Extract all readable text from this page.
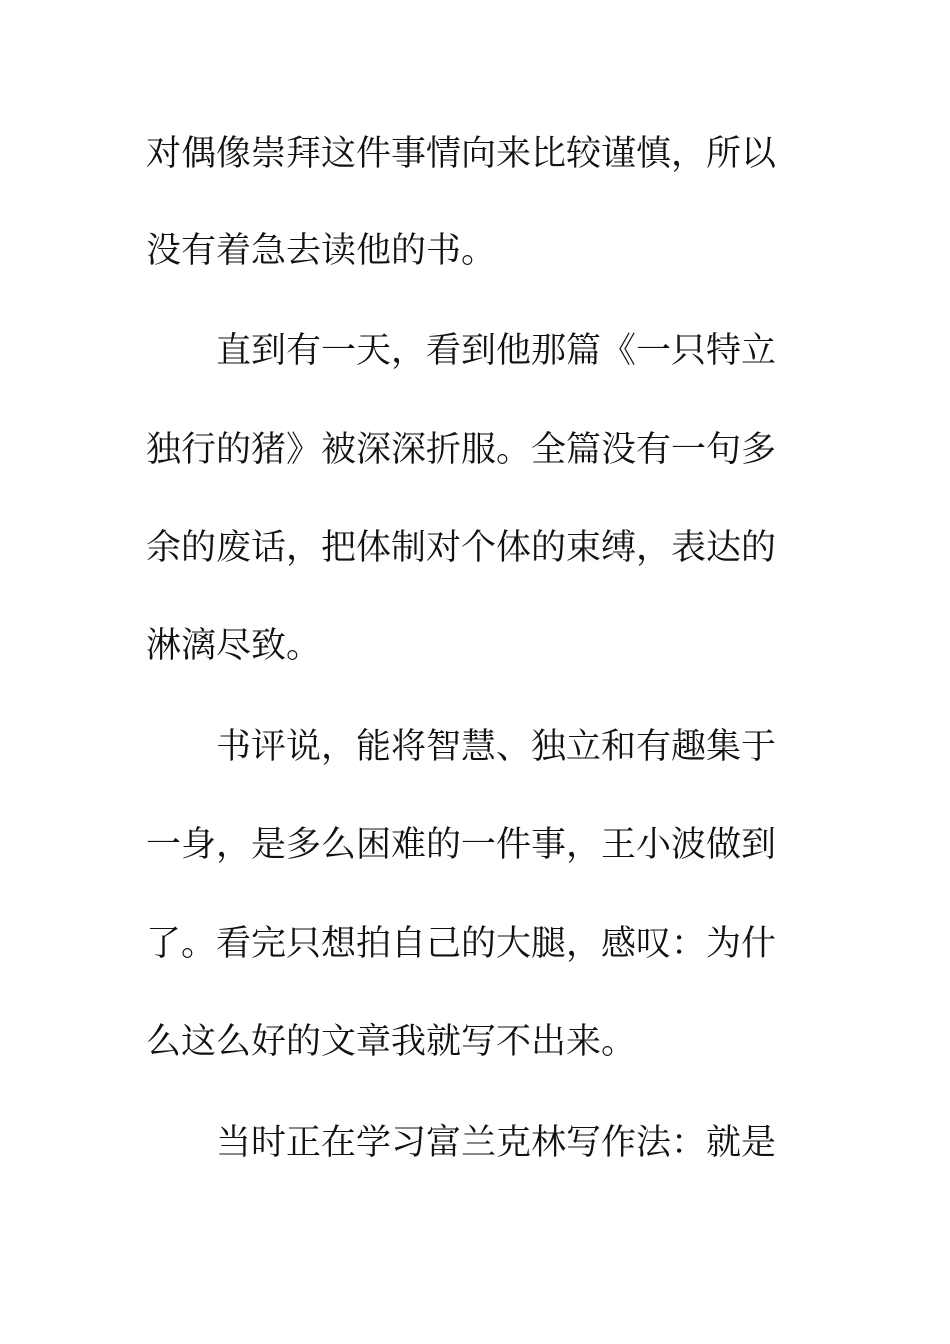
对偶像崇拜这件事情向来比较谨慎，所以
没有着急去读他的书。
直到有一天，看到他那篇《一只特立
独行的猪》被深深折服。全篇没有一句多
余的废话，把体制对个体的束缚，表达的
淋漓尽致。
书评说，能将智慧、独立和有趣集于
一身，是多么困难的一件事，王小波做到
了。看完只想拍自己的大腿，感叹：为什
么这么好的文章我就写不出来。
当时正在学习富兰克林写作法：就是
